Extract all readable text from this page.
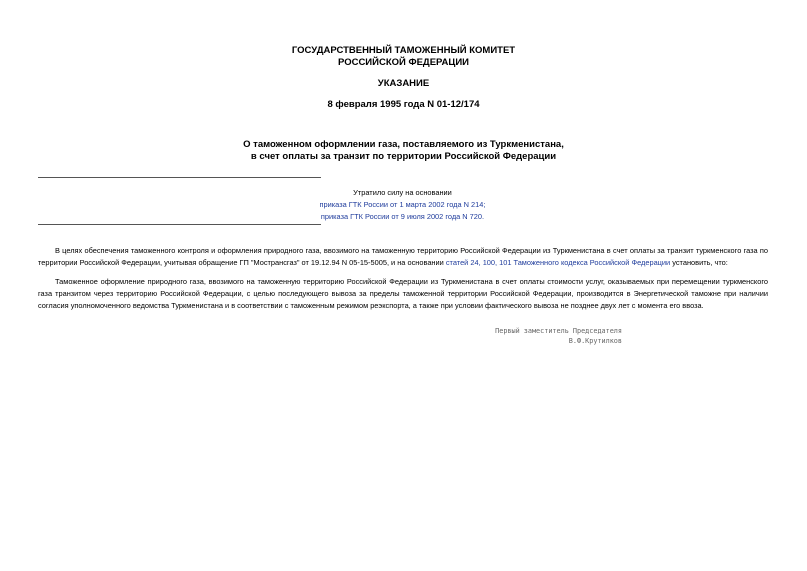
ГОСУДАРСТВЕННЫЙ ТАМОЖЕННЫЙ КОМИТЕТ
РОССИЙСКОЙ ФЕДЕРАЦИИ
УКАЗАНИЕ
8 февраля 1995 года N 01-12/174
О таможенном оформлении газа, поставляемого из Туркменистана,
в счет оплаты за транзит по территории Российской Федерации
Утратило силу на основании
приказа ГТК России от 1 марта 2002 года N 214;
приказа ГТК России от 9 июля 2002 года N 720.
В целях обеспечения таможенного контроля и оформления природного газа, ввозимого на таможенную территорию Российской Федерации из Туркменистана в счет оплаты за транзит туркменского газа по территории Российской Федерации, учитывая обращение ГП "Мострансгаз" от 19.12.94 N 05-15-5005, и на основании статей 24, 100, 101 Таможенного кодекса Российской Федерации установить, что:
Таможенное оформление природного газа, ввозимого на таможенную территорию Российской Федерации из Туркменистана в счет оплаты стоимости услуг, оказываемых при перемещении туркменского газа транзитом через территорию Российской Федерации, с целью последующего вывоза за пределы таможенной территории Российской Федерации, производится в Энергетической таможне при наличии согласия уполномоченного ведомства Туркменистана и в соответствии с таможенным режимом реэкспорта, а также при условии фактического вывоза не позднее двух лет с момента его ввоза.
Первый заместитель Председателя
В.Ф.Крутилков
